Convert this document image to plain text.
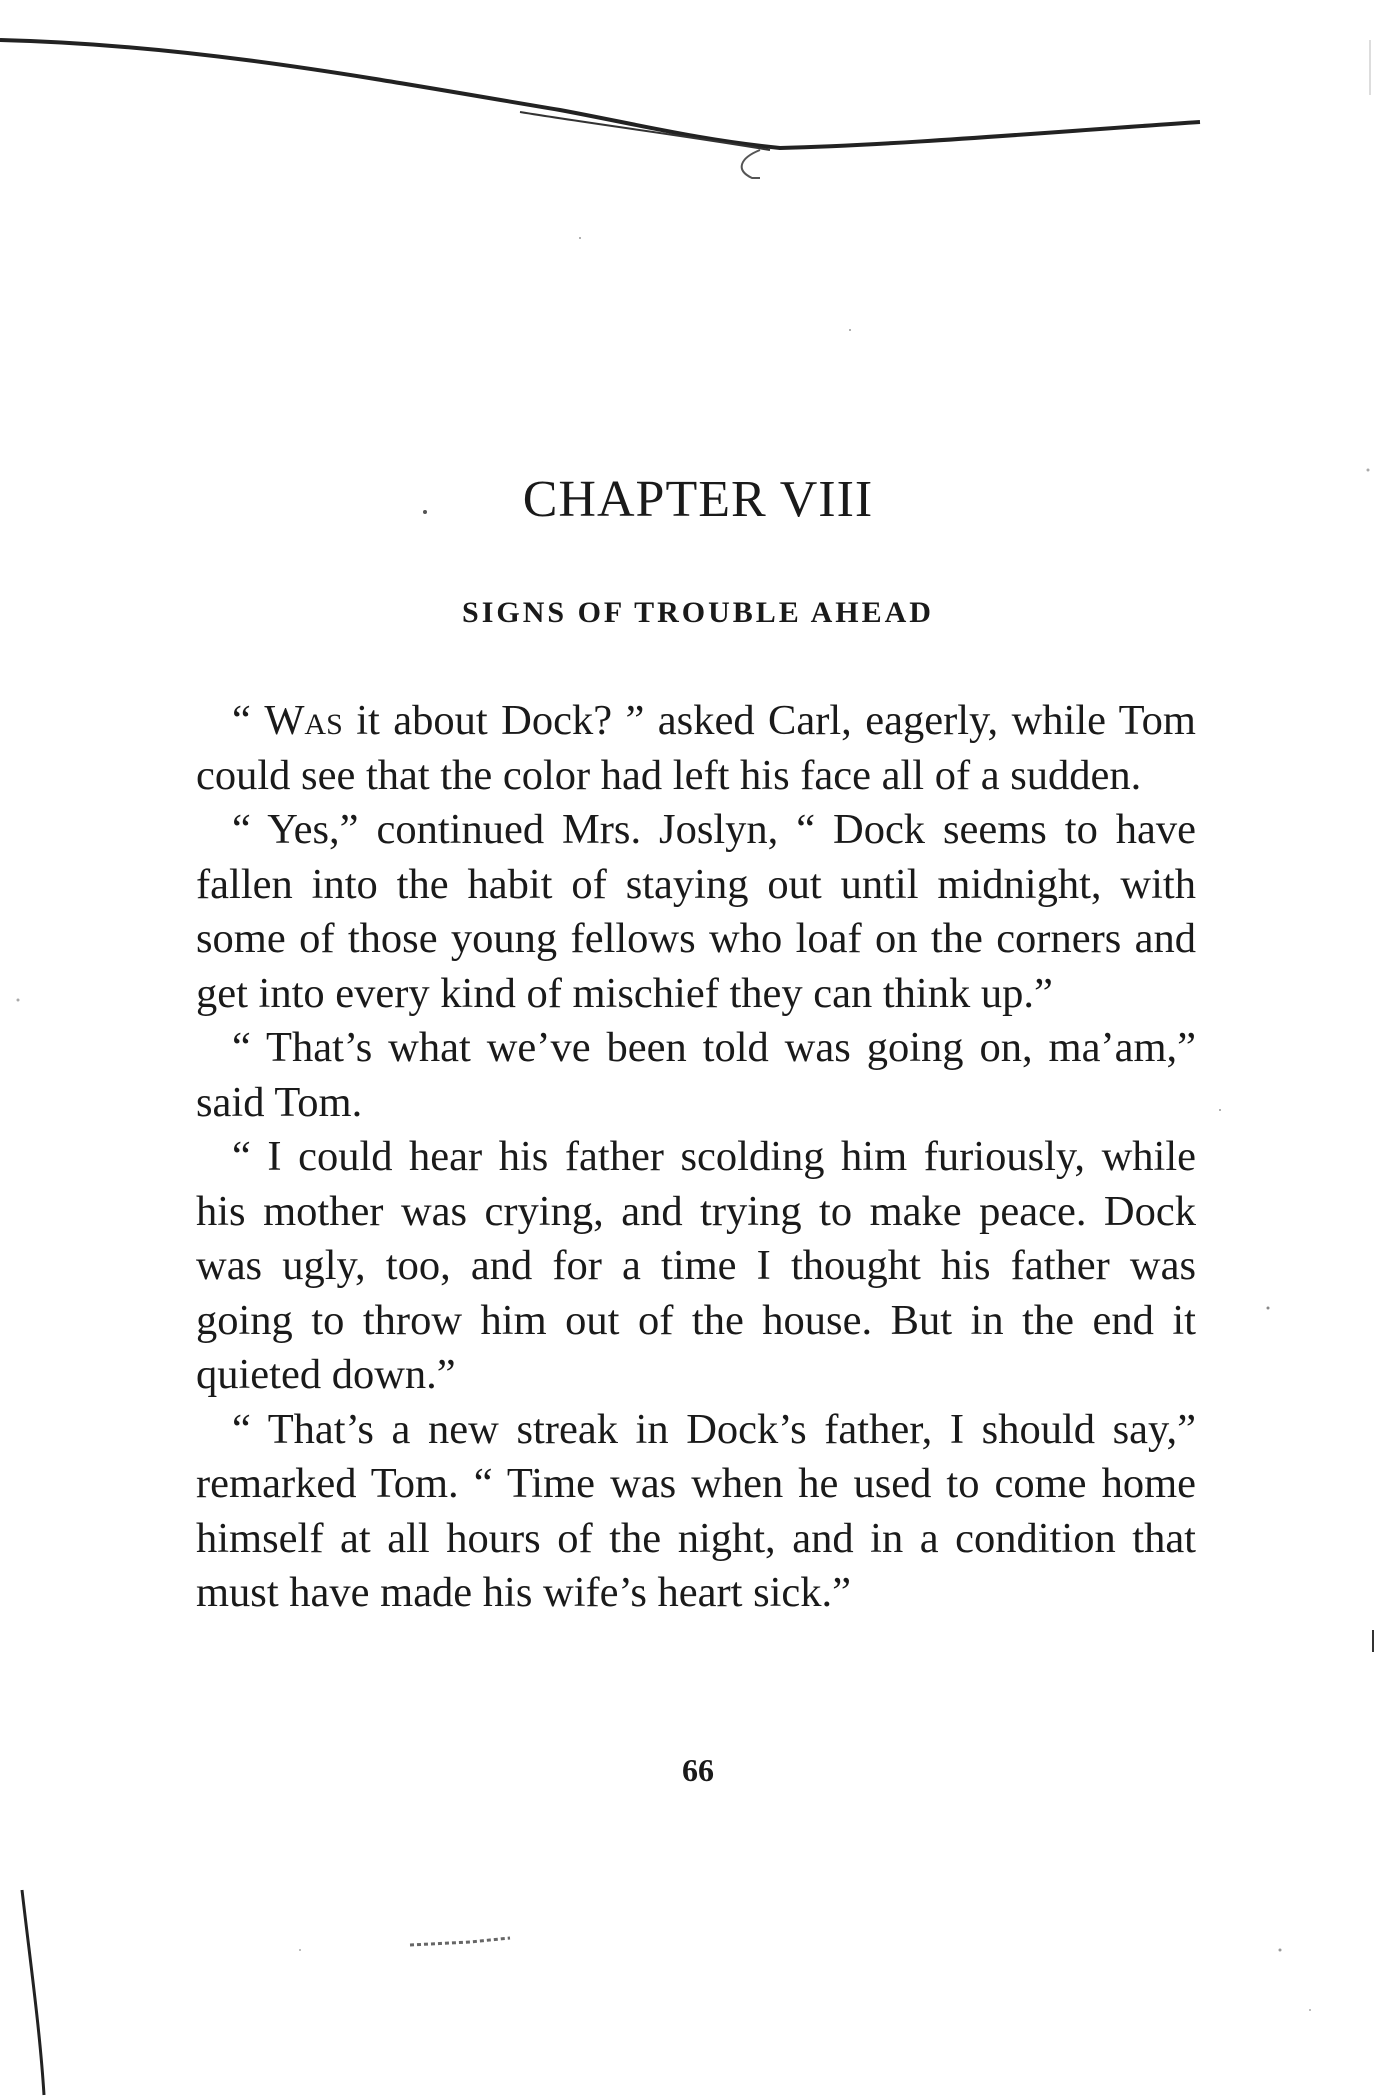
CHAPTER VIII
SIGNS OF TROUBLE AHEAD

“ Was it about Dock? ” asked Carl, eagerly, while Tom could see that the color had left his face all of a sudden.

“ Yes,” continued Mrs. Joslyn, “ Dock seems to have fallen into the habit of staying out until midnight, with some of those young fellows who loaf on the corners and get into every kind of mischief they can think up.”

“ That’s what we’ve been told was going on, ma’am,” said Tom.

“ I could hear his father scolding him furiously, while his mother was crying, and trying to make peace. Dock was ugly, too, and for a time I thought his father was going to throw him out of the house. But in the end it quieted down.”

“ That’s a new streak in Dock’s father, I should say,” remarked Tom. “ Time was when he used to come home himself at all hours of the night, and in a condition that must have made his wife’s heart sick.”

66
